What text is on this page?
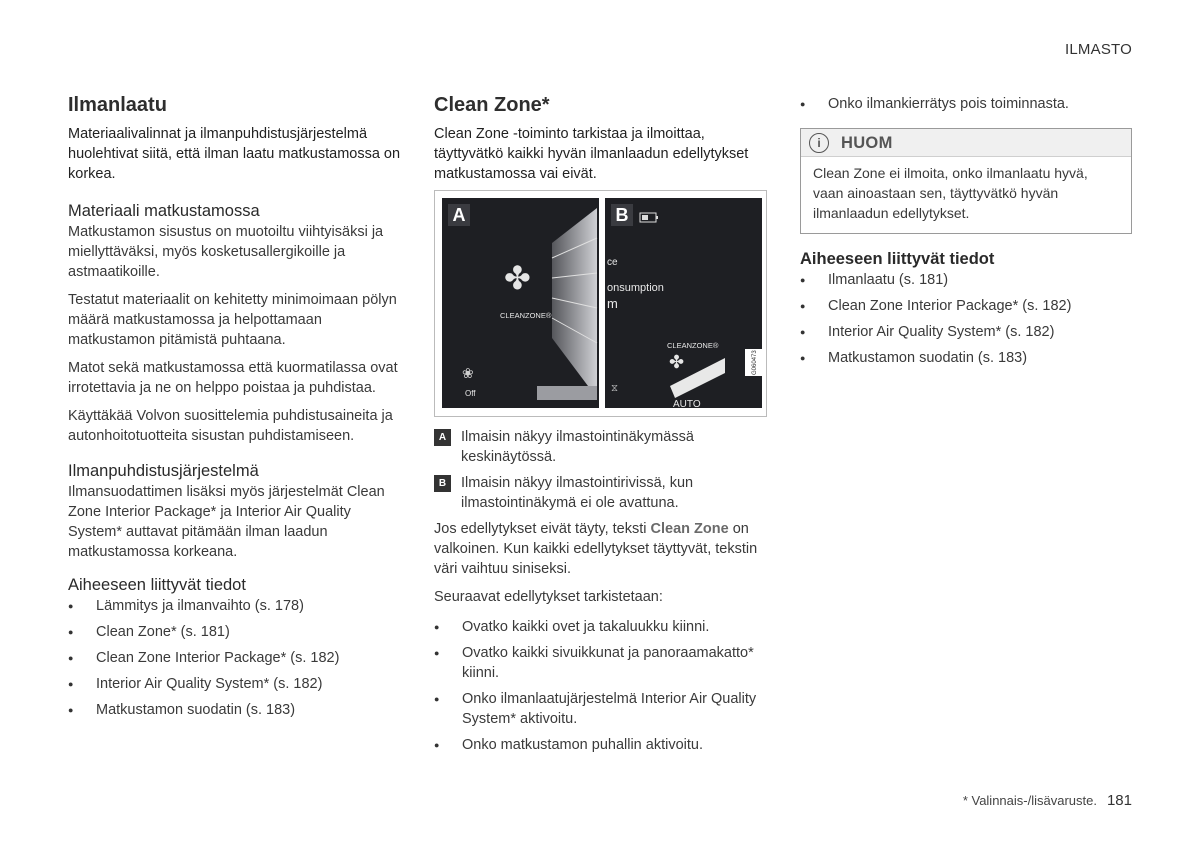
ILMASTO
Ilmanlaatu

Materiaalivalinnat ja ilmanpuhdistusjärjestelmä huolehtivat siitä, että ilman laatu matkustamossa on korkea.

Materiaali matkustamossa

Matkustamon sisustus on muotoiltu viihtyisäksi ja miellyttäväksi, myös kosketusallergikoille ja astmaatikoille.

Testatut materiaalit on kehitetty minimoimaan pölyn määrä matkustamossa ja helpottamaan matkustamon pitämistä puhtaana.

Matot sekä matkustamossa että kuormatilassa ovat irrotettavia ja ne on helppo poistaa ja puhdistaa.

Käyttäkää Volvon suosittelemia puhdistusaineita ja autonhoitotuotteita sisustan puhdistamiseen.

Ilmanpuhdistusjärjestelmä

Ilmansuodattimen lisäksi myös järjestelmät Clean Zone Interior Package* ja Interior Air Quality System* auttavat pitämään ilman laadun matkustamossa korkeana.

Aiheeseen liittyvät tiedot
● Lämmitys ja ilmanvaihto (s. 178)
● Clean Zone* (s. 181)
● Clean Zone Interior Package* (s. 182)
● Interior Air Quality System* (s. 182)
● Matkustamon suodatin (s. 183)
Clean Zone*

Clean Zone -toiminto tarkistaa ja ilmoittaa, täyttyvätkö kaikki hyvän ilmanlaadun edellytykset matkustamossa vai eivät.

A
✤
CLEANZONE®
❀
Off
B
ce
onsumption
m
CLEANZONE®
✤
⧖
AUTO
G060473
A	Ilmaisin näkyy ilmastointinäkymässä keskinäytössä.
B	Ilmaisin näkyy ilmastointirivissä, kun ilmastointinäkymä ei ole avattuna.

Jos edellytykset eivät täyty, teksti Clean Zone on valkoinen. Kun kaikki edellytykset täyttyvät, tekstin väri vaihtuu siniseksi.

Seuraavat edellytykset tarkistetaan:

● Ovatko kaikki ovet ja takaluukku kiinni.
● Ovatko kaikki sivuikkunat ja panoraamakatto* kiinni.
● Onko ilmanlaatujärjestelmä Interior Air Quality System* aktivoitu.
● Onko matkustamon puhallin aktivoitu.
● Onko ilmankierrätys pois toiminnasta.
i	HUOM
Clean Zone ei ilmoita, onko ilmanlaatu hyvä, vaan ainoastaan sen, täyttyvätkö hyvän ilmanlaadun edellytykset.
Aiheeseen liittyvät tiedot
● Ilmanlaatu (s. 181)
● Clean Zone Interior Package* (s. 182)
● Interior Air Quality System* (s. 182)
● Matkustamon suodatin (s. 183)
* Valinnais-/lisävaruste. 181
